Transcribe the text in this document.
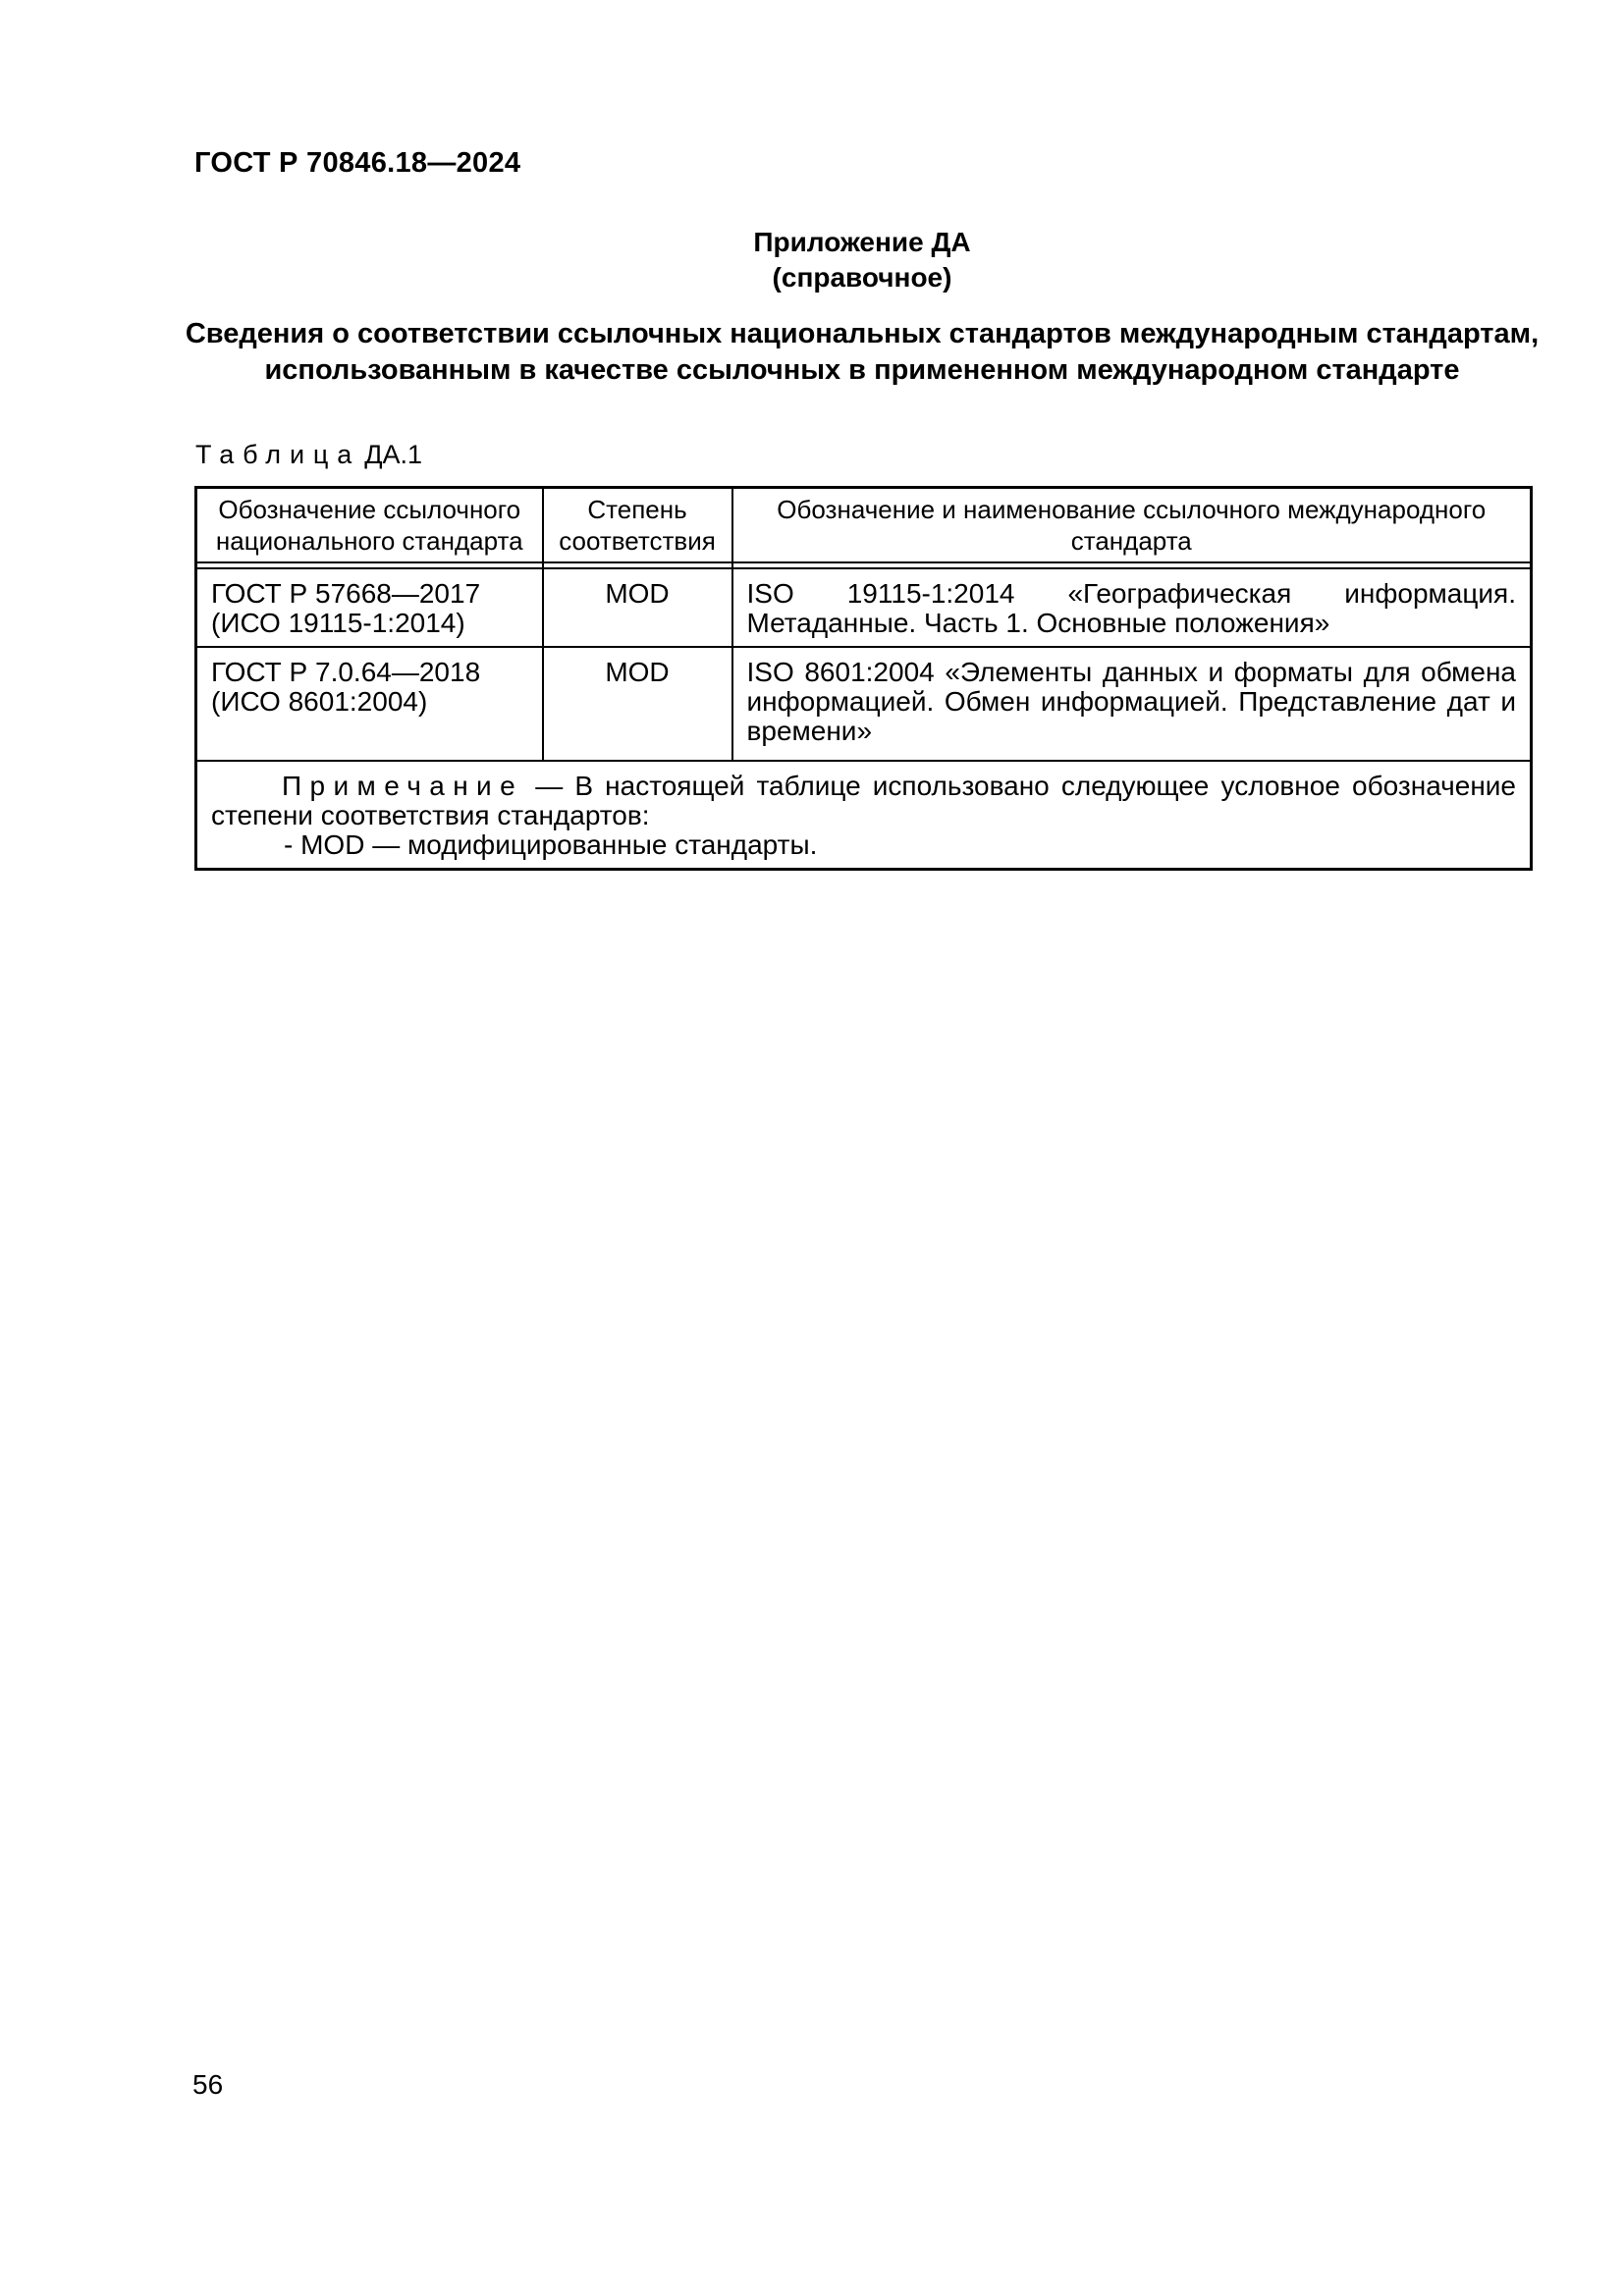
ГОСТ Р 70846.18—2024
Приложение ДА
(справочное)
Сведения о соответствии ссылочных национальных стандартов международным стандартам,
использованным в качестве ссылочных в примененном международном стандарте
Таблица ДА.1
Обозначение ссылочного национального стандарта	Степень соответствия	Обозначение и наименование ссылочного международного стандарта

ГОСТ Р 57668—2017
(ИСО 19115-1:2014)	MOD	ISO 19115-1:2014 «Географическая информация. Метаданные. Часть 1. Основные положения»

ГОСТ Р 7.0.64—2018
(ИСО 8601:2004)	MOD	ISO 8601:2004 «Элементы данных и форматы для обмена информацией. Обмен информацией. Представление дат и времени»

Примечание — В настоящей таблице использовано следующее условное обозначение степени соответствия стандартов:

- MOD — модифицированные стандарты.		

56
